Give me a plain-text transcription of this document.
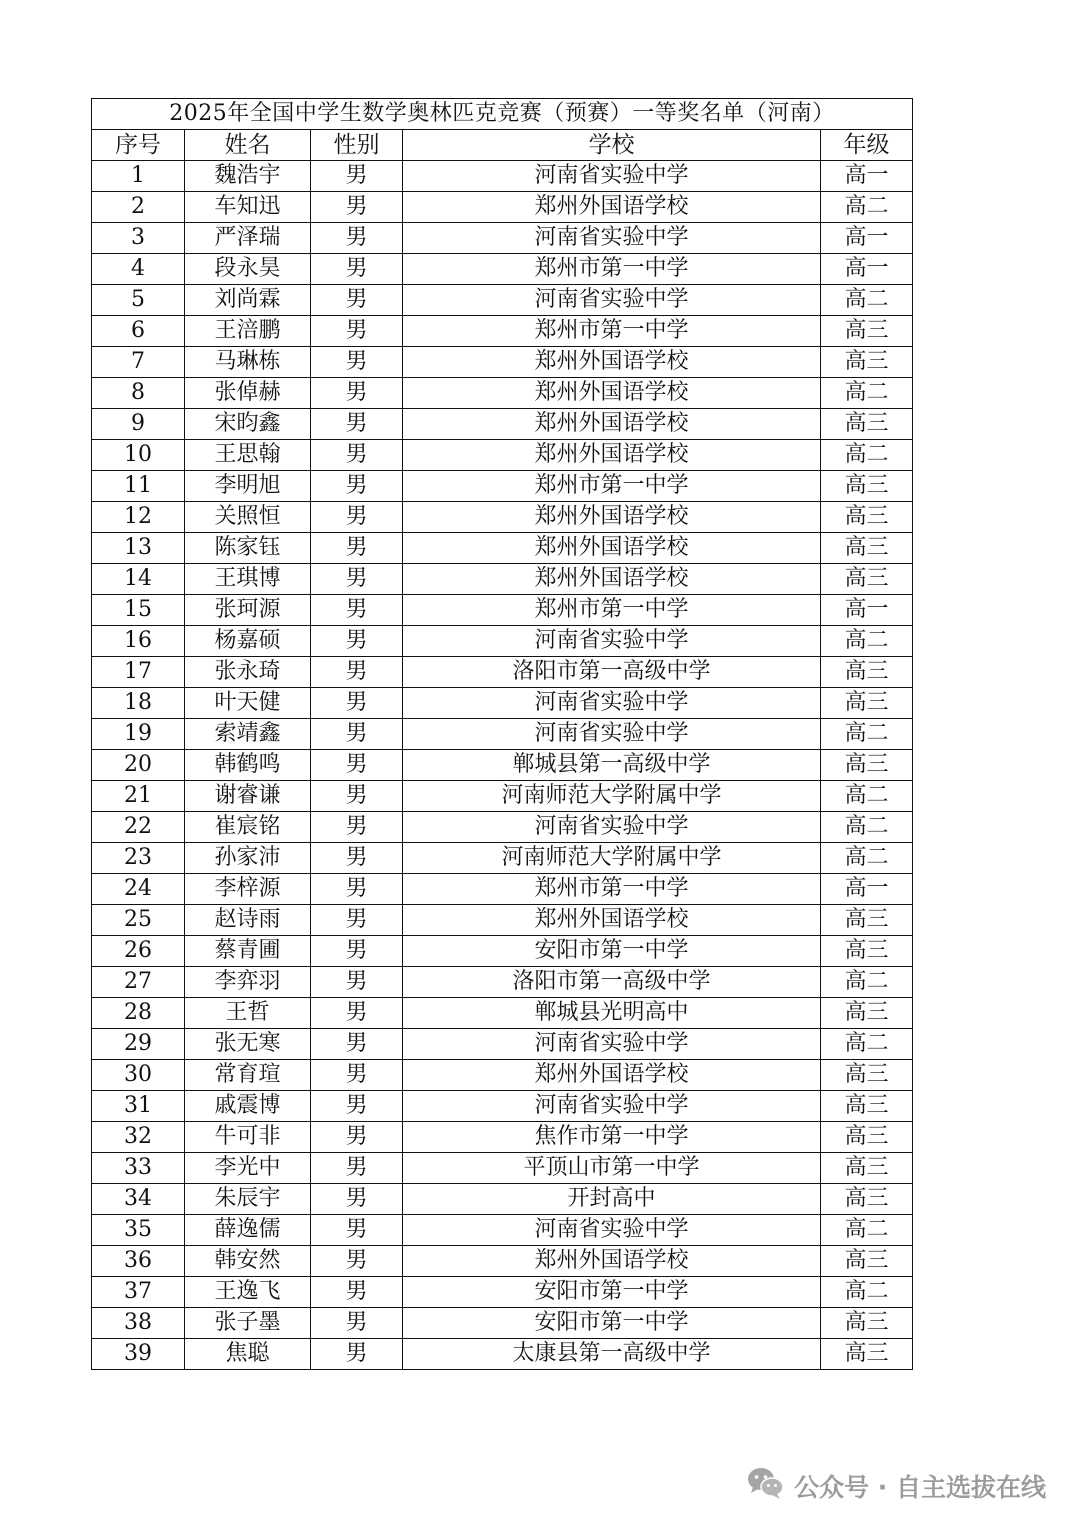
2025年全国中学生数学奥林匹克竞赛（预赛）一等奖名单（河南）				
序号	姓名	性别	学校	年级
1	魏浩宇	男	河南省实验中学	高一
2	车知迅	男	郑州外国语学校	高二
3	严泽瑞	男	河南省实验中学	高一
4	段永昊	男	郑州市第一中学	高一
5	刘尚霖	男	河南省实验中学	高二
6	王涪鹏	男	郑州市第一中学	高三
7	马琳栋	男	郑州外国语学校	高三
8	张倬赫	男	郑州外国语学校	高二
9	宋昀鑫	男	郑州外国语学校	高三
10	王思翰	男	郑州外国语学校	高二
11	李明旭	男	郑州市第一中学	高三
12	关照恒	男	郑州外国语学校	高三
13	陈家钰	男	郑州外国语学校	高三
14	王琪博	男	郑州外国语学校	高三
15	张珂源	男	郑州市第一中学	高一
16	杨嘉硕	男	河南省实验中学	高二
17	张永琦	男	洛阳市第一高级中学	高三
18	叶天健	男	河南省实验中学	高三
19	索靖鑫	男	河南省实验中学	高二
20	韩鹤鸣	男	郸城县第一高级中学	高三
21	谢睿谦	男	河南师范大学附属中学	高二
22	崔宸铭	男	河南省实验中学	高二
23	孙家沛	男	河南师范大学附属中学	高二
24	李梓源	男	郑州市第一中学	高一
25	赵诗雨	男	郑州外国语学校	高三
26	蔡青圃	男	安阳市第一中学	高三
27	李弈羽	男	洛阳市第一高级中学	高二
28	王哲	男	郸城县光明高中	高三
29	张无寒	男	河南省实验中学	高二
30	常育瑄	男	郑州外国语学校	高三
31	戚震博	男	河南省实验中学	高三
32	牛可非	男	焦作市第一中学	高三
33	李光中	男	平顶山市第一中学	高三
34	朱辰宇	男	开封高中	高三
35	薛逸儒	男	河南省实验中学	高二
36	韩安然	男	郑州外国语学校	高三
37	王逸飞	男	安阳市第一中学	高二
38	张子墨	男	安阳市第一中学	高三
39	焦聪	男	太康县第一高级中学	高三
公众号 · 自主选拔在线
